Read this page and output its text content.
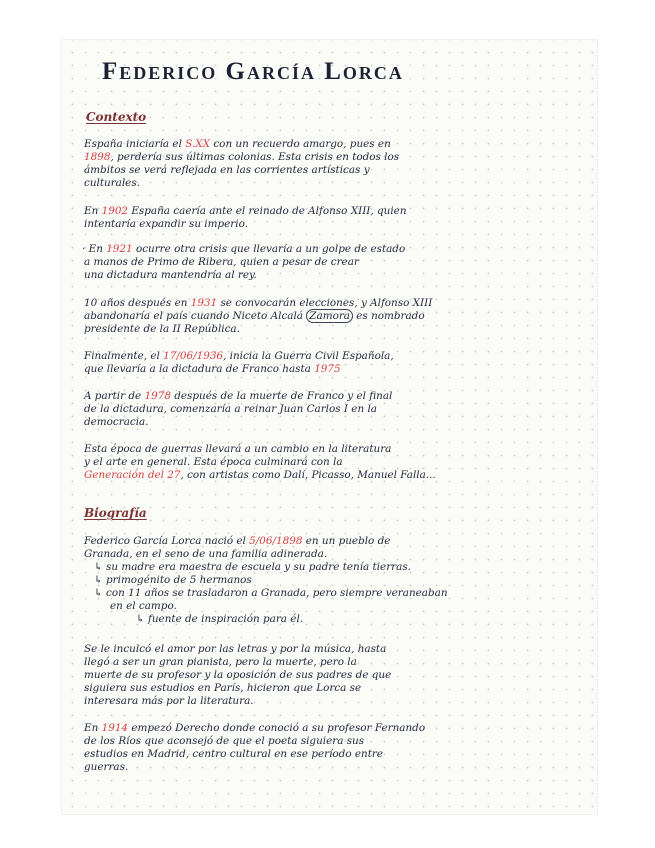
Federico García Lorca
Contexto

España iniciaría el S.XX con un recuerdo amargo, pues en

1898, perdería sus últimas colonias. Esta crisis en todos los

ámbitos se verá reflejada en las corrientes artísticas y

culturales.

En 1902 España caería ante el reinado de Alfonso XIII, quien

intentaría expandir su imperio.

· En 1921 ocurre otra crisis que llevaría a un golpe de estado

a manos de Primo de Ribera, quien a pesar de crear

una dictadura mantendría al rey.

10 años después en 1931 se convocarán elecciones, y Alfonso XIII

abandonaría el país cuando Niceto Alcalá Zamora es nombrado

presidente de la II República.

Finalmente, el 17/06/1936, inicia la Guerra Civil Española,

que llevaría a la dictadura de Franco hasta 1975

A partir de 1978 después de la muerte de Franco y el final

de la dictadura, comenzaría a reinar Juan Carlos I en la

democracia.

Esta época de guerras llevará a un cambio en la literatura

y el arte en general. Esta época culminará con la

Generación del 27, con artistas como Dalí, Picasso, Manuel Falla...

Biografía

Federico García Lorca nació el 5/06/1898 en un pueblo de

Granada, en el seno de una familia adinerada.

↳ su madre era maestra de escuela y su padre tenía tierras.

↳ primogénito de 5 hermanos

↳ con 11 años se trasladaron a Granada, pero siempre veraneaban

en el campo.

↳ fuente de inspiración para él.

Se le inculcó el amor por las letras y por la música, hasta

llegó a ser un gran pianista, pero la muerte, pero la

muerte de su profesor y la oposición de sus padres de que

siguiera sus estudios en París, hicieron que Lorca se

interesara más por la literatura.

En 1914 empezó Derecho donde conoció a su profesor Fernando

de los Ríos que aconsejó de que el poeta siguiera sus

estudios en Madrid, centro cultural en ese período entre

guerras.
